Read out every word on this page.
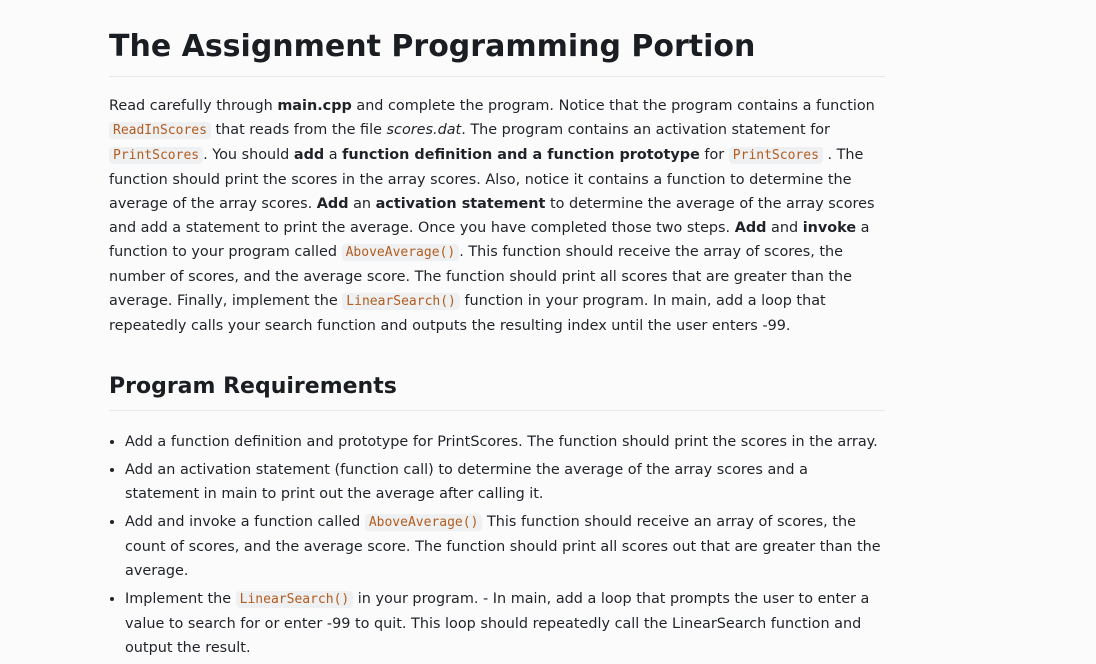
The Assignment Programming Portion

Read carefully through main.cpp and complete the program. Notice that the program contains a function ReadInScores that reads from the file scores.dat. The program contains an activation statement for PrintScores . You should add a function definition and a function prototype for PrintScores . The function should print the scores in the array scores. Also, notice it contains a function to determine the average of the array scores. Add an activation statement to determine the average of the array scores and add a statement to print the average. Once you have completed those two steps. Add and invoke a function to your program called AboveAverage() . This function should receive the array of scores, the number of scores, and the average score. The function should print all scores that are greater than the average. Finally, implement the LinearSearch() function in your program. In main, add a loop that repeatedly calls your search function and outputs the resulting index until the user enters -99.

Program Requirements
• Add a function definition and prototype for PrintScores. The function should print the scores in the array.
• Add an activation statement (function call) to determine the average of the array scores and a statement in main to print out the average after calling it.
• Add and invoke a function called AboveAverage() This function should receive an array of scores, the count of scores, and the average score. The function should print all scores out that are greater than the average.
• Implement the LinearSearch() in your program. - In main, add a loop that prompts the user to enter a value to search for or enter -99 to quit. This loop should repeatedly call the LinearSearch function and output the result.
